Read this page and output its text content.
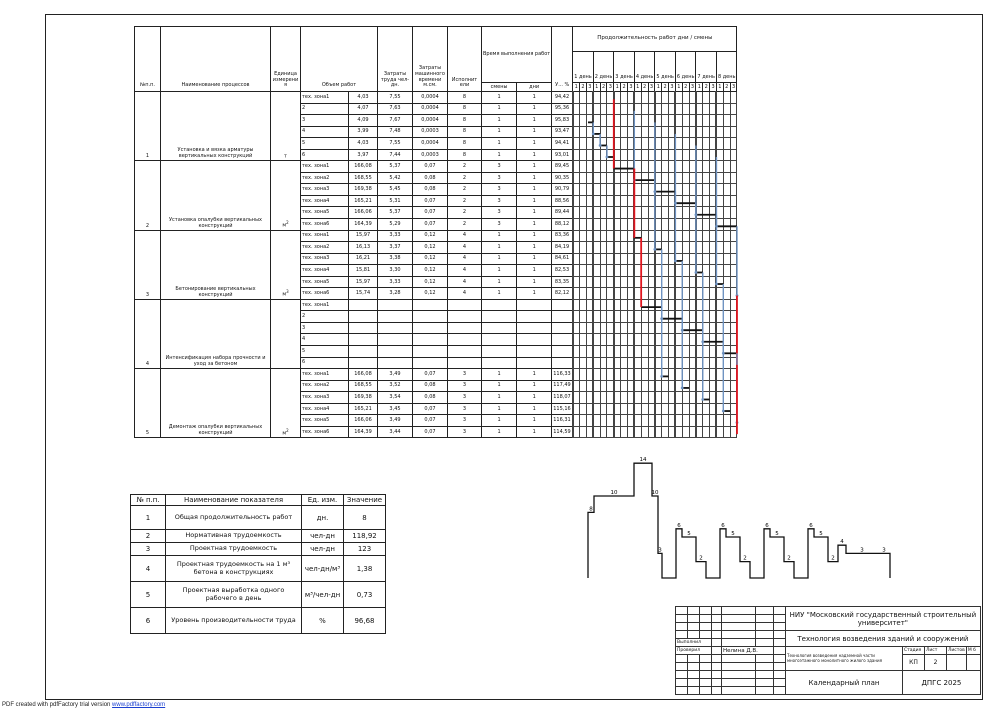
№п.п.	Наименование процессов	Единица измерени я	Объем работ		Затраты труда чел-дн.	Затраты машинного времени м.см.	Исполнит ели	Время выполнения работ		У... %	Продолжительность работ дни / смены																							
											1 день			2 день			3 день			4 день			5 день			6 день			7 день			8 день		
								смены	дни		1	2	3	1	2	3	1	2	3	1	2	3	1	2	3	1	2	3	1	2	3	1	2	3
1	Установка и вязка арматуры вертикальных конструкций	т	тех. зона1	4,03	7,55	0,0004	8	1	1	94,42																								
			2	4,07	7,63	0,0004	8	1	1	95,36																								
			3	4,09	7,67	0,0004	8	1	1	95,83																								
			4	3,99	7,48	0,0003	8	1	1	93,47																								
			5	4,03	7,55	0,0004	8	1	1	94,41																								
			6	3,97	7,44	0,0003	8	1	1	93,01																								
2	Установка опалубки вертикальных конструкций	$м^2$	тех. зона1	166,08	5,37	0,07	2	3	1	89,45																								
			тех. зона2	168,55	5,42	0,08	2	3	1	90,35																								
			тех. зона3	169,38	5,45	0,08	2	3	1	90,79																								
			тех. зона4	165,21	5,31	0,07	2	3	1	88,56																								
			тех. зона5	166,06	5,37	0,07	2	3	1	89,44																								
			тех. зона6	164,39	5,29	0,07	2	3	1	88,12																								
3	Бетонирование вертикальных конструкций	$м^3$	тех. зона1	15,97	3,33	0,12	4	1	1	83,36																								
			тех. зона2	16,13	3,37	0,12	4	1	1	84,19																								
			тех. зона3	16,21	3,38	0,12	4	1	1	84,61																								
			тех. зона4	15,81	3,30	0,12	4	1	1	82,53																								
			тех. зона5	15,97	3,33	0,12	4	1	1	83,35																								
			тех. зона6	15,74	3,28	0,12	4	1	1	82,12																								
4	Интенсификация набора прочности и уход за бетоном		тех. зона1																															
			2																															
			3																															
			4																															
			5																															
			6																															
5	Демонтаж опалубки вертикальных конструкций	$м^2$	тех. зона1	166,08	3,49	0,07	3	1	1	116,33																								
			тех. зона2	168,55	3,52	0,08	3	1	1	117,49																								
			тех. зона3	169,38	3,54	0,08	3	1	1	118,07																								
			тех. зона4	165,21	3,45	0,07	3	1	1	115,16																								
			тех. зона5	166,06	3,49	0,07	3	1	1	116,31																								
			тех. зона6	164,39	3,44	0,07	3	1	1	114,59																								
№ п.п.	Наименование показателя	Ед. изм.	Значение
1	Общая продолжительность работ	дн.	8
2	Нормативная трудоемкость	чел-дн	118,92
3	Проектная трудоемкость	чел-дн	123
4	Проектная трудоемкость на 1 м³ бетона в конструкциях	чел-дн/м³	1,38
5	Проектная выработка одного рабочего в день	м³/чел-дн	0,73
6	Уровень производительности труда	%	96,68
8
10
14
10
3
6
5
2
6
5
2
6
5
2
6
5
2
4
3	3
							НИУ "Московский государственный строительный университет"				

							Технология возведения зданий и сооружений				
Выполнил											
Проверил				Нелина Д.В.			Технология возведения надземной части многоэтажного монолитного жилого здания	Стадия	Лист	Листов	М б
								КП	2		

							Календарный план	ДПГС 2025			

PDF created with pdfFactory trial version www.pdffactory.com
